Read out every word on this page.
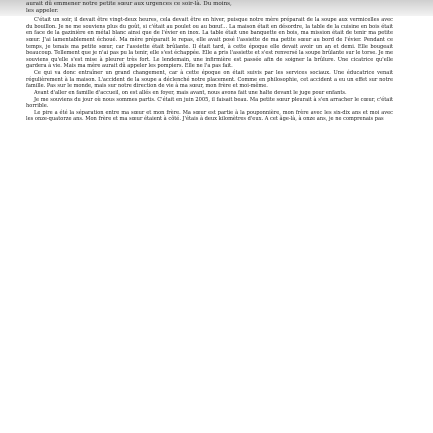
aurait dû emmener notre petite sœur aux urgences ce soir-là. Du moins,
les appeler.

C'était un soir, il devait être vingt-deux heures, cela devait être en hiver, puisque notre mère préparait de la soupe aux vermicelles avec du bouillon. Je ne me souviens plus du goût, si c'était au poulet ou au bœuf… La maison était en désordre, la table de la cuisine en bois était en face de la gazinière en métal blanc ainsi que de l'évier en inox. La table était une banquette en bois, ma mission était de tenir ma petite sœur. J'ai lamentablement échoué. Ma mère préparait le repas, elle avait posé l'assiette de ma petite sœur au bord de l'évier. Pendant ce temps, je tenais ma petite sœur, car l'assiette était brûlante. Il était tard, à cette époque elle devait avoir un an et demi. Elle bougeait beaucoup. Tellement que je n'ai pas pu la tenir, elle s'est échappée. Elle a pris l'assiette et s'est renversé la soupe brûlante sur le torse. Je me souviens qu'elle s'est mise à pleurer très fort. Le lendemain, une infirmière est passée afin de soigner la brûlure. Une cicatrice qu'elle gardera à vie. Mais ma mère aurait dû appeler les pompiers. Elle ne l'a pas fait.

Ce qui va donc entraîner un grand changement, car à cette époque on était suivis par les services sociaux. Une éducatrice venait régulièrement à la maison. L'accident de la soupe a déclenché notre placement. Comme en philosophie, cet accident a eu un effet sur notre famille. Pas sur le monde, mais sur notre direction de vie à ma sœur, mon frère et moi-même.

Avant d'aller en famille d'accueil, on est allés en foyer, mais avant, nous avons fait une halte devant le juge pour enfants.

Je me souviens du jour où nous sommes partis. C'était en juin 2005, il faisait beau. Ma petite sœur pleurait à s'en arracher le cœur, c'était horrible.

Le pire a été la séparation entre ma sœur et mon frère. Ma sœur est partie à la pouponnière, mon frère avec les six-dix ans et moi avec les onze-quatorze ans. Mon frère et ma sœur étaient à côté. J'étais à deux kilomètres d'eux. A cet âge-là, à onze ans, je ne comprenais pas
